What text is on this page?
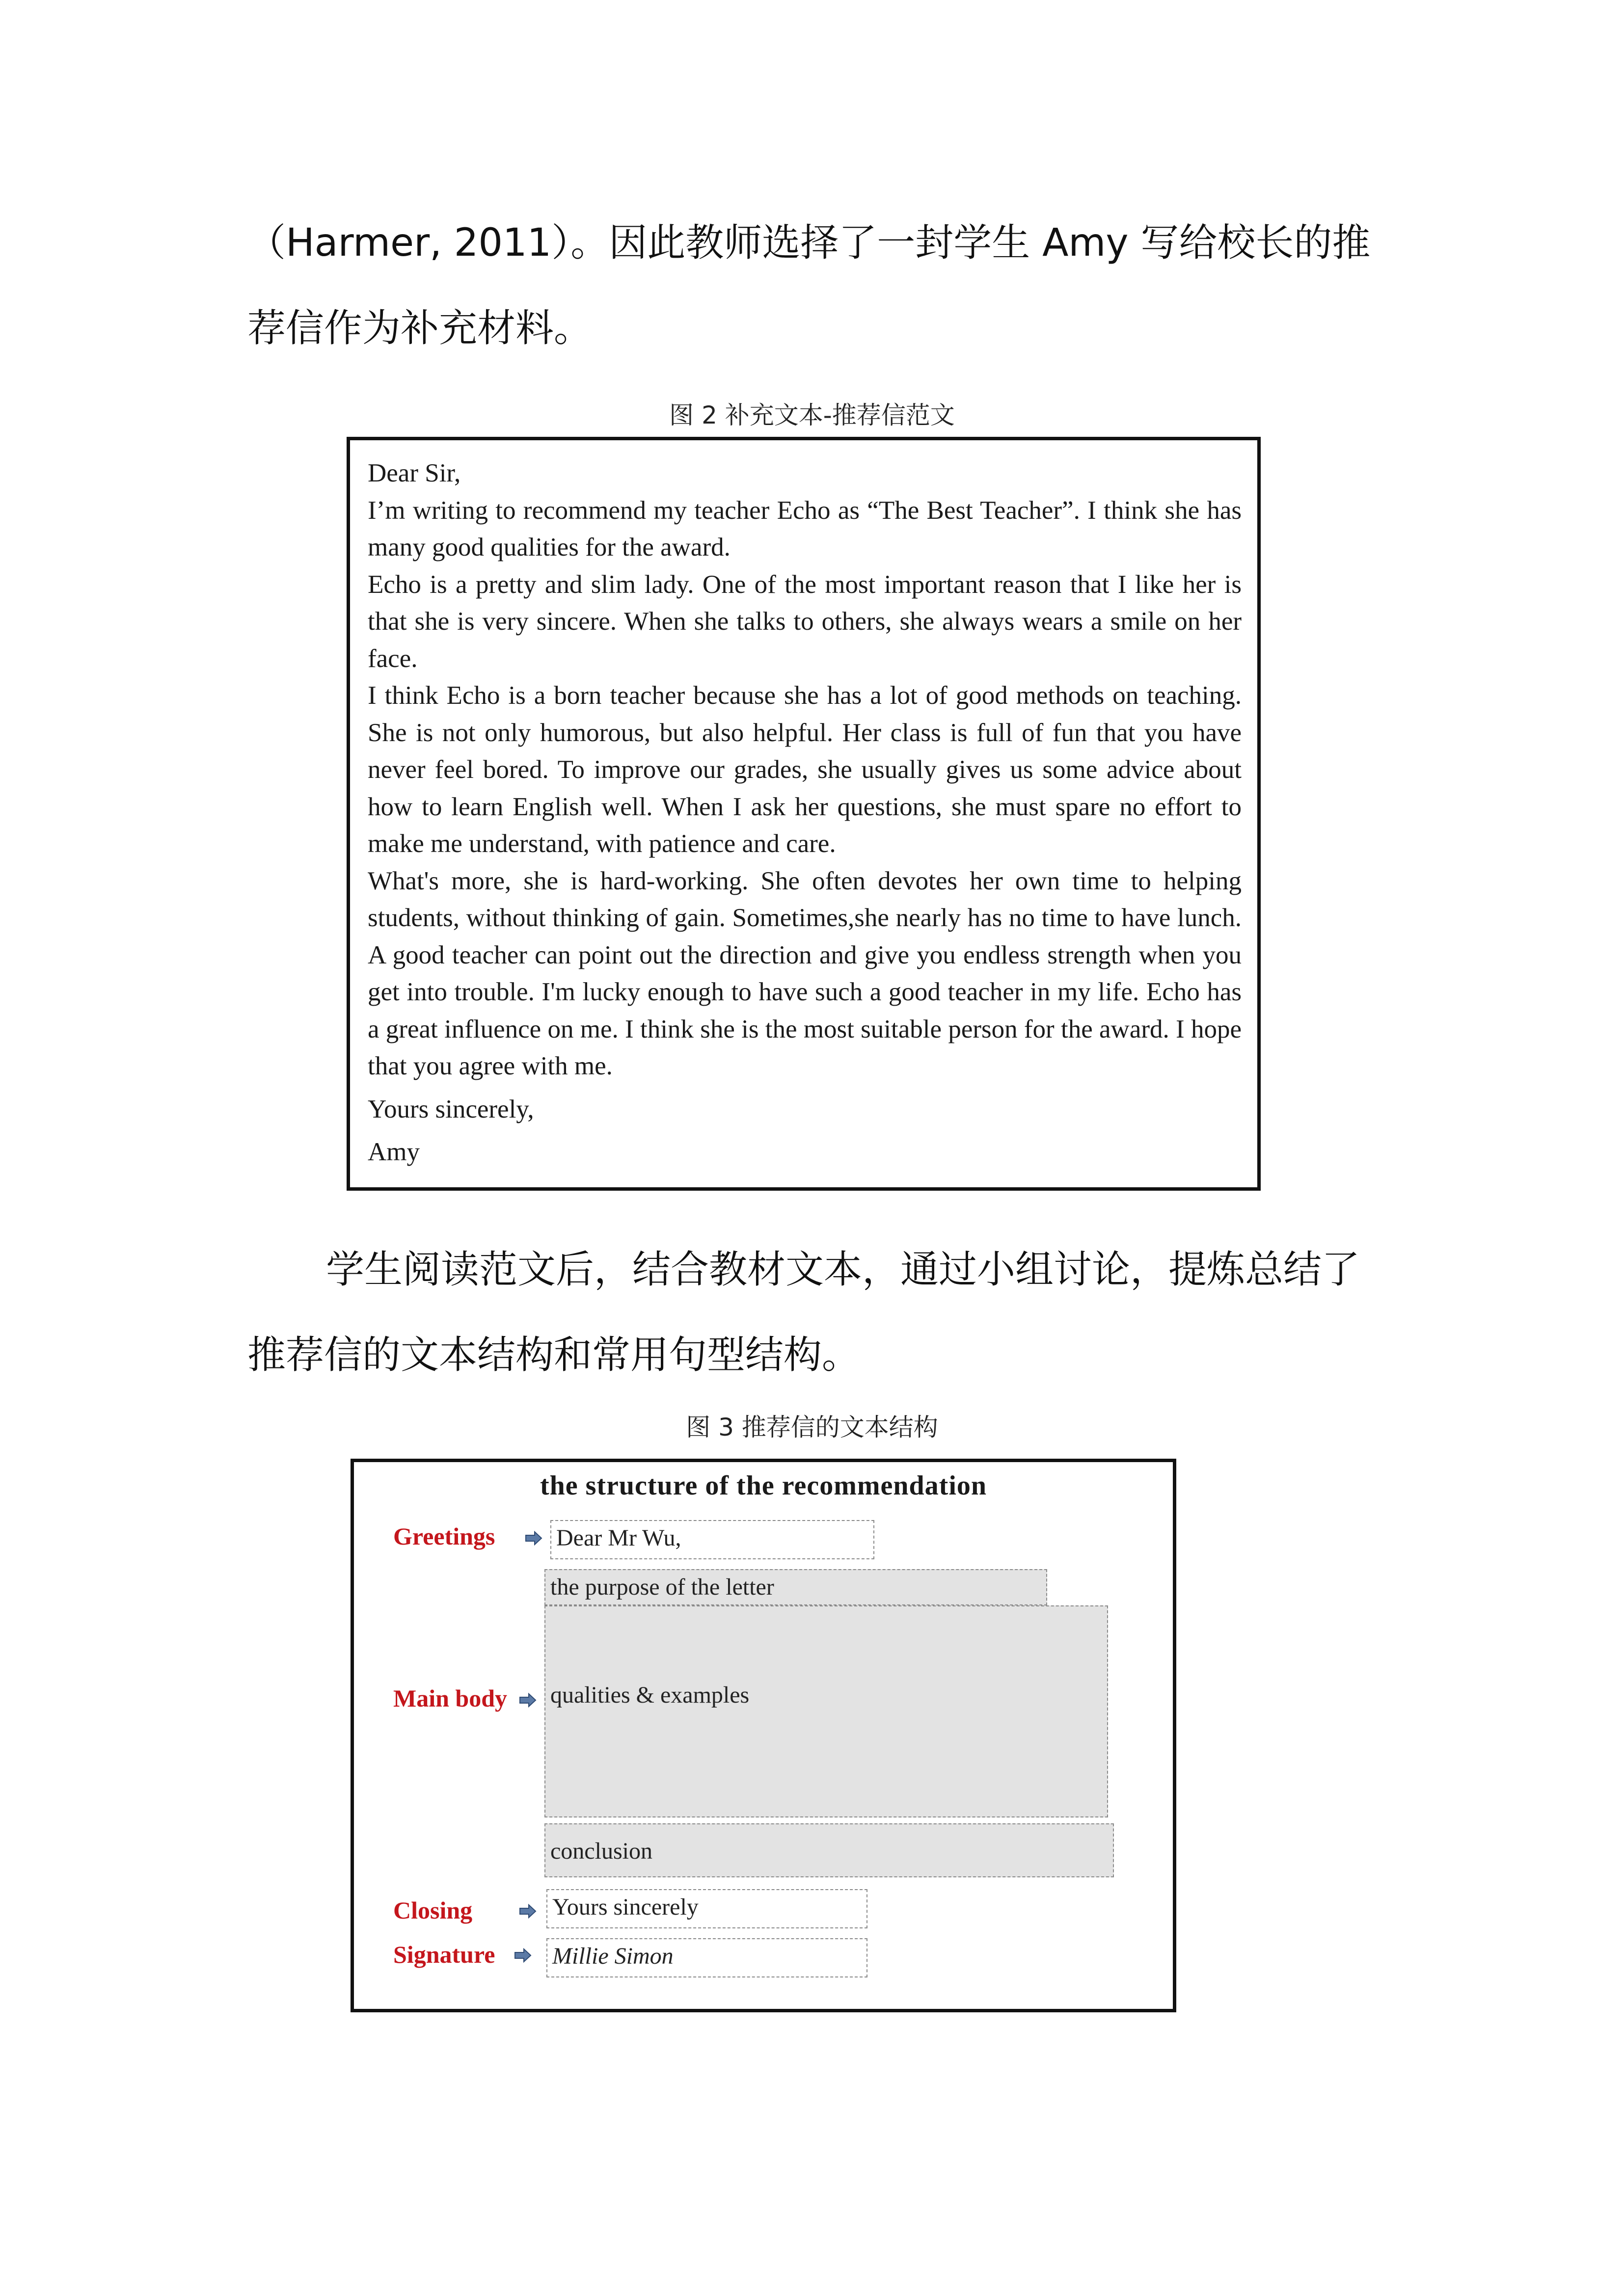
（Harmer, 2011）。因此教师选择了一封学生 Amy 写给校长的推
荐信作为补充材料。
图 2 补充文本-推荐信范文
Dear Sir,
I’m writing to recommend my teacher Echo as “The Best Teacher”. I think she has
many good qualities for the award.
Echo is a pretty and slim lady. One of the most important reason that I like her is
that she is very sincere. When she talks to others, she always wears a smile on her
face.
I think Echo is a born teacher because she has a lot of good methods on teaching.
She is not only humorous, but also helpful. Her class is full of fun that you have
never feel bored. To improve our grades, she usually gives us some advice about
how to learn English well. When I ask her questions, she must spare no effort to
make me understand, with patience and care.
What's more, she is hard-working. She often devotes her own time to helping
students, without thinking of gain. Sometimes,she nearly has no time to have lunch.
A good teacher can point out the direction and give you endless strength when you
get into trouble. I'm lucky enough to have such a good teacher in my life. Echo has
a great influence on me. I think she is the most suitable person for the award. I hope
that you agree with me.
Yours sincerely,
Amy
学生阅读范文后，结合教材文本，通过小组讨论，提炼总结了
推荐信的文本结构和常用句型结构。
图 3 推荐信的文本结构
the structure of the recommendation
Greetings	Dear Mr Wu,
the purpose of the letter
qualities & examples
Main body
conclusion
Closing	Yours sincerely
Signature Millie Simon
